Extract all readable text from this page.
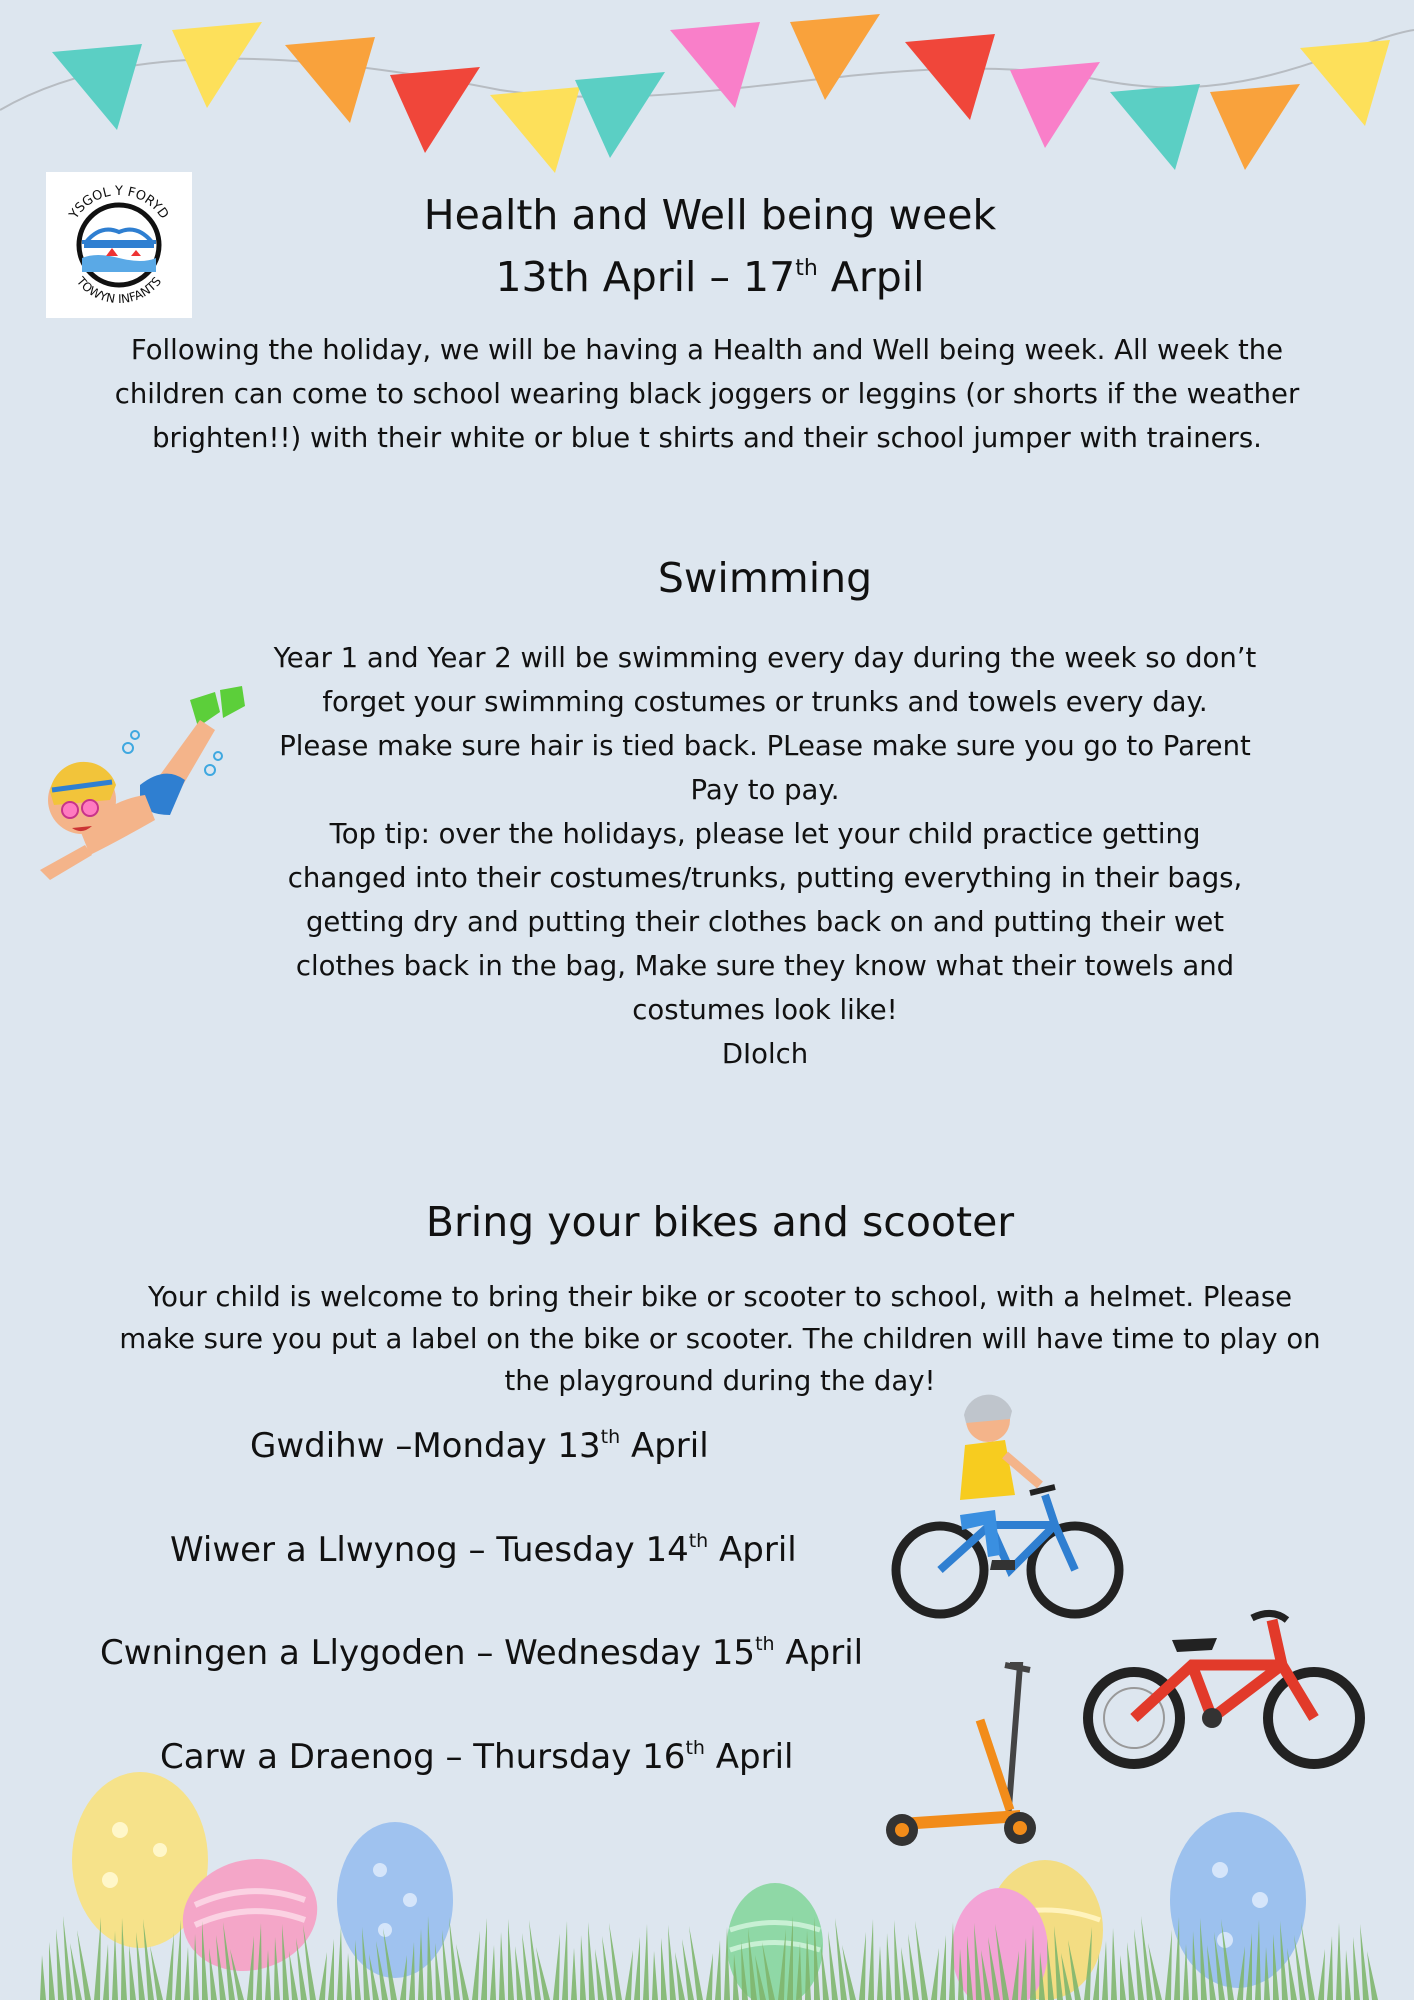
YSGOL Y FORYD
TOWYN INFANTS
Health and Well being week
13th April – 17th Arpil
Following the holiday, we will be having a Health and Well being week. All week the children can come to school wearing black joggers or leggins (or shorts if the weather brighten!!) with their white or blue t shirts and their school jumper with trainers.
Swimming
Year 1 and Year 2 will be swimming every day during the week so don’t
forget your swimming costumes or trunks and towels every day.
Please make sure hair is tied back. PLease make sure you go to Parent
Pay to pay.
Top tip: over the holidays, please let your child practice getting
changed into their costumes/trunks, putting everything in their bags,
getting dry and putting their clothes back on and putting their wet
clothes back in the bag, Make sure they know what their towels and
costumes look like!
DIolch
Bring your bikes and scooter
Your child is welcome to bring their bike or scooter to school, with a helmet. Please make sure you put a label on the bike or scooter. The children will have time to play on the playground during the day!
Gwdihw –Monday 13th April
Wiwer a Llwynog – Tuesday 14th April
Cwningen a Llygoden – Wednesday 15th April
Carw a Draenog – Thursday 16th April
